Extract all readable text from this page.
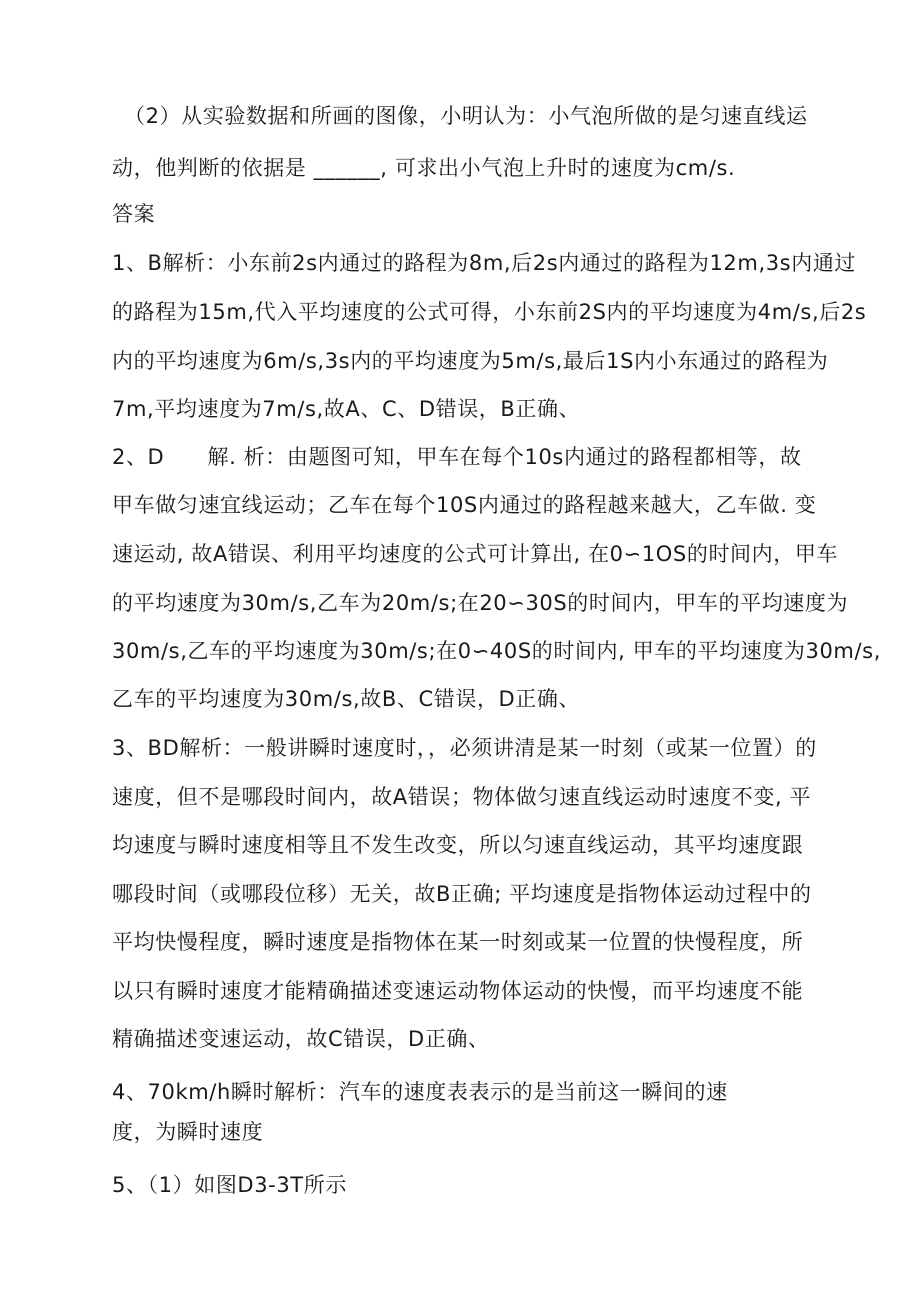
（2）从实验数据和所画的图像，小明认为：小气泡所做的是匀速直线运

动，他判断的依据是 ______, 可求出小气泡上升时的速度为cm∕s.

答案

1、B解析：小东前2s内通过的路程为8m,后2s内通过的路程为12m,3s内通过

的路程为15m,代入平均速度的公式可得，小东前2S内的平均速度为4m∕s,后2s

内的平均速度为6m∕s,3s内的平均速度为5m∕s,最后1S内小东通过的路程为

7m,平均速度为7m∕s,故A、C、D错误，B正确、

2、D　　解. 析：由题图可知，甲车在每个10s内通过的路程都相等，故

甲车做匀速宜线运动；乙车在每个10S内通过的路程越来越大，乙车做. 变

速运动, 故A错误、利用平均速度的公式可计算出, 在0∽1OS的时间内，甲车

的平均速度为30m∕s,乙车为20m/s;在20∽30S的时间内，甲车的平均速度为

30m∕s,乙车的平均速度为30m/s;在0∽40S的时间内, 甲车的平均速度为30m∕s,

乙车的平均速度为30m∕s,故B、C错误，D正确、

3、BD解析：一般讲瞬时速度时，，必须讲清是某一时刻（或某一位置）的

速度，但不是哪段时间内，故A错误；物体做匀速直线运动时速度不变, 平

均速度与瞬时速度相等且不发生改变，所以匀速直线运动，其平均速度跟

哪段时间（或哪段位移）无关，故B正确; 平均速度是指物体运动过程中的

平均快慢程度，瞬时速度是指物体在某一时刻或某一位置的快慢程度，所

以只有瞬时速度才能精确描述变速运动物体运动的快慢，而平均速度不能

精确描述变速运动，故C错误，D正确、

4、70km/h瞬时解析：汽车的速度表表示的是当前这一瞬间的速

度，为瞬时速度

5、（1）如图D3-3T所示
